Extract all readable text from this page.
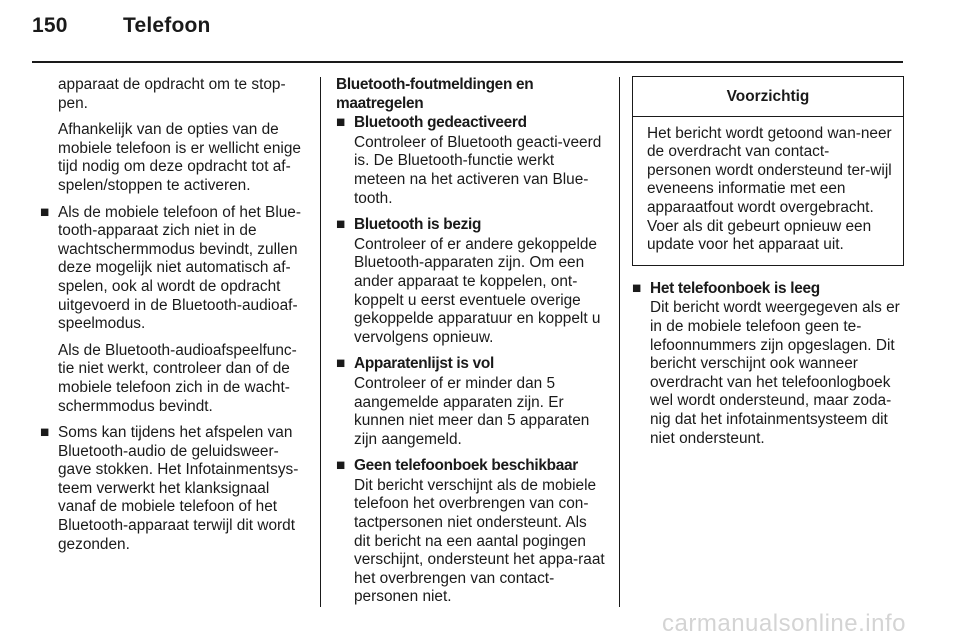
150	Telefoon

apparaat de opdracht om te stop-pen.

Afhankelijk van de opties van de mobiele telefoon is er wellicht enige tijd nodig om deze opdracht tot af-spelen/stoppen te activeren.

■ Als de mobiele telefoon of het Blue-tooth-apparaat zich niet in de wachtschermmodus bevindt, zullen deze mogelijk niet automatisch af-spelen, ook al wordt de opdracht uitgevoerd in de Bluetooth-audioaf-speelmodus.

Als de Bluetooth-audioafspeelfunc-tie niet werkt, controleer dan of de mobiele telefoon zich in de wacht-schermmodus bevindt.

■ Soms kan tijdens het afspelen van Bluetooth-audio de geluidsweer-gave stokken. Het Infotainmentsys-teem verwerkt het klanksignaal vanaf de mobiele telefoon of het Bluetooth-apparaat terwijl dit wordt gezonden.
Bluetooth-foutmeldingen en maatregelen
■ Bluetooth gedeactiveerd

Controleer of Bluetooth geacti-veerd is. De Bluetooth-functie werkt meteen na het activeren van Blue-tooth.

■ Bluetooth is bezig

Controleer of er andere gekoppelde Bluetooth-apparaten zijn. Om een ander apparaat te koppelen, ont-koppelt u eerst eventuele overige gekoppelde apparatuur en koppelt u vervolgens opnieuw.

■ Apparatenlijst is vol

Controleer of er minder dan 5 aangemelde apparaten zijn. Er kunnen niet meer dan 5 apparaten zijn aangemeld.

■ Geen telefoonboek beschikbaar

Dit bericht verschijnt als de mobiele telefoon het overbrengen van con-tactpersonen niet ondersteunt. Als dit bericht na een aantal pogingen verschijnt, ondersteunt het appa-raat het overbrengen van contact-personen niet.

Voorzichtig
Het bericht wordt getoond wan-neer de overdracht van contact-personen wordt ondersteund ter-wijl eveneens informatie met een apparaatfout wordt overgebracht. Voer als dit gebeurt opnieuw een update voor het apparaat uit.
■ Het telefoonboek is leeg

Dit bericht wordt weergegeven als er in de mobiele telefoon geen te-lefoonnummers zijn opgeslagen. Dit bericht verschijnt ook wanneer overdracht van het telefoonlogboek wel wordt ondersteund, maar zoda-nig dat het infotainmentsysteem dit niet ondersteunt.

carmanualsonline.info
